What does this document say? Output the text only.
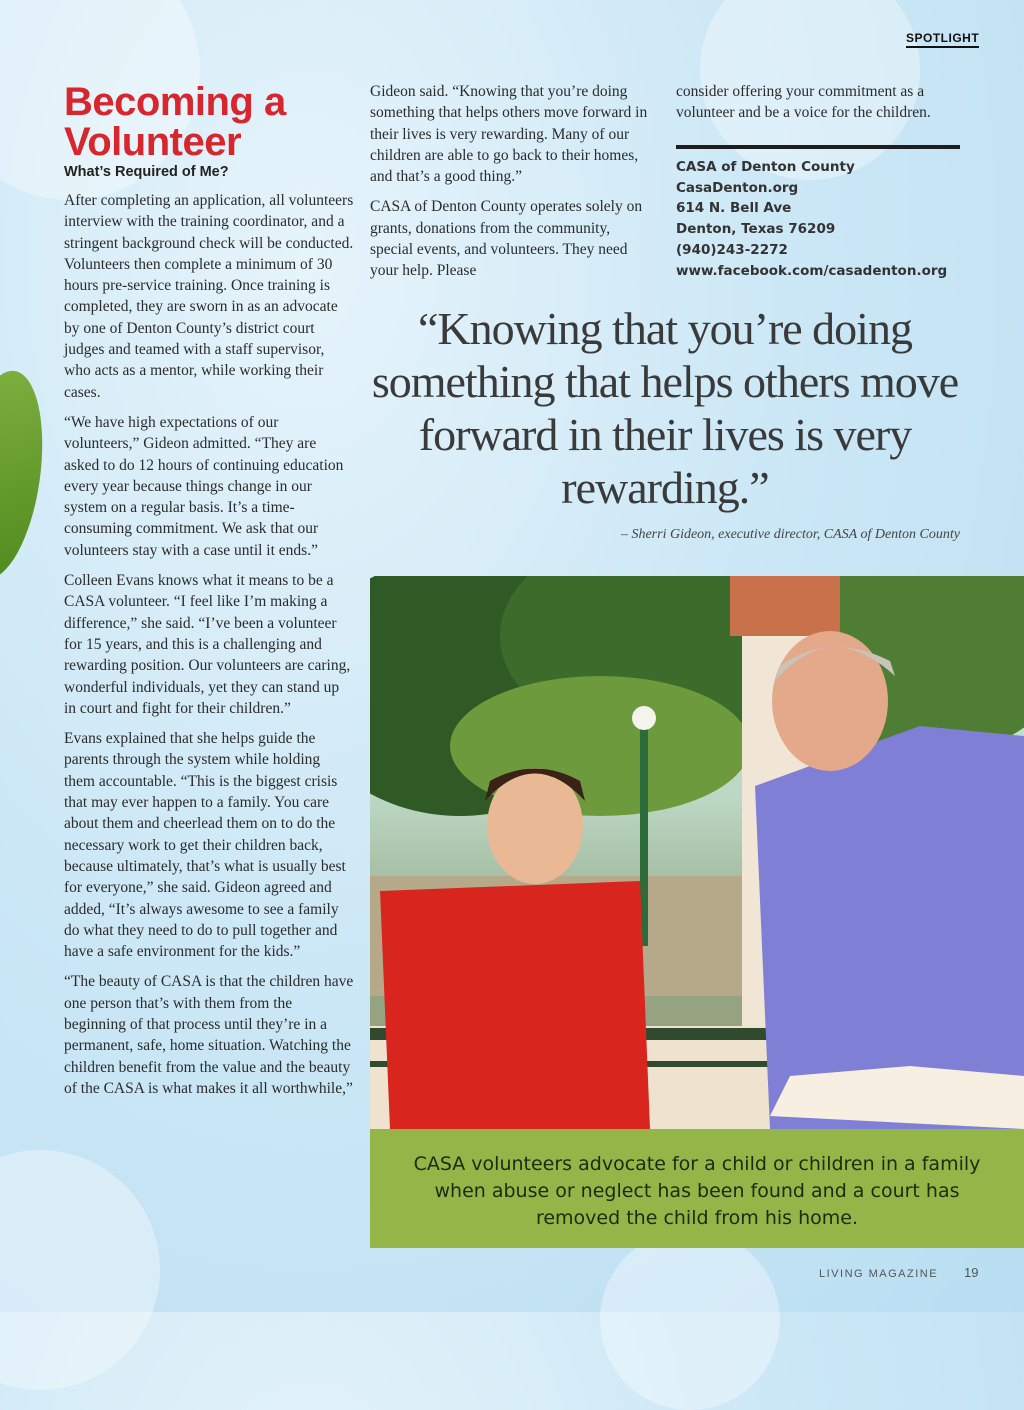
SPOTLIGHT
Becoming a Volunteer
What’s Required of Me?

After completing an application, all volunteers interview with the training coordinator, and a stringent background check will be conducted. Volunteers then complete a minimum of 30 hours pre-service training. Once training is completed, they are sworn in as an advocate by one of Denton County’s district court judges and teamed with a staff supervisor, who acts as a mentor, while working their cases.

“We have high expectations of our volunteers,” Gideon admitted. “They are asked to do 12 hours of continuing education every year because things change in our system on a regular basis. It’s a time-consuming commitment. We ask that our volunteers stay with a case until it ends.”

Colleen Evans knows what it means to be a CASA volunteer. “I feel like I’m making a difference,” she said. “I’ve been a volunteer for 15 years, and this is a challenging and rewarding position. Our volunteers are caring, wonderful individuals, yet they can stand up in court and fight for their children.”

Evans explained that she helps guide the parents through the system while holding them accountable. “This is the biggest crisis that may ever happen to a family. You care about them and cheerlead them on to do the necessary work to get their children back, because ultimately, that’s what is usually best for everyone,” she said. Gideon agreed and added, “It’s always awesome to see a family do what they need to do to pull together and have a safe environment for the kids.”

“The beauty of CASA is that the children have one person that’s with them from the beginning of that process until they’re in a permanent, safe, home situation. Watching the children benefit from the value and the beauty of the CASA is what makes it all worthwhile,”

Gideon said. “Knowing that you’re doing something that helps others move forward in their lives is very rewarding. Many of our children are able to go back to their homes, and that’s a good thing.”

CASA of Denton County operates solely on grants, donations from the community, special events, and volunteers. They need your help. Please

consider offering your commitment as a volunteer and be a voice for the children.

CASA of Denton County
CasaDenton.org
614 N. Bell Ave
Denton, Texas 76209
(940)243-2272
www.facebook.com/casadenton.org
“Knowing that you’re doing something that helps others move forward in their lives is very rewarding.”
– Sherri Gideon, executive director, CASA of Denton County
CASA volunteers advocate for a child or children in a family when abuse or neglect has been found and a court has removed the child from his home.
LIVING MAGAZINE 19
